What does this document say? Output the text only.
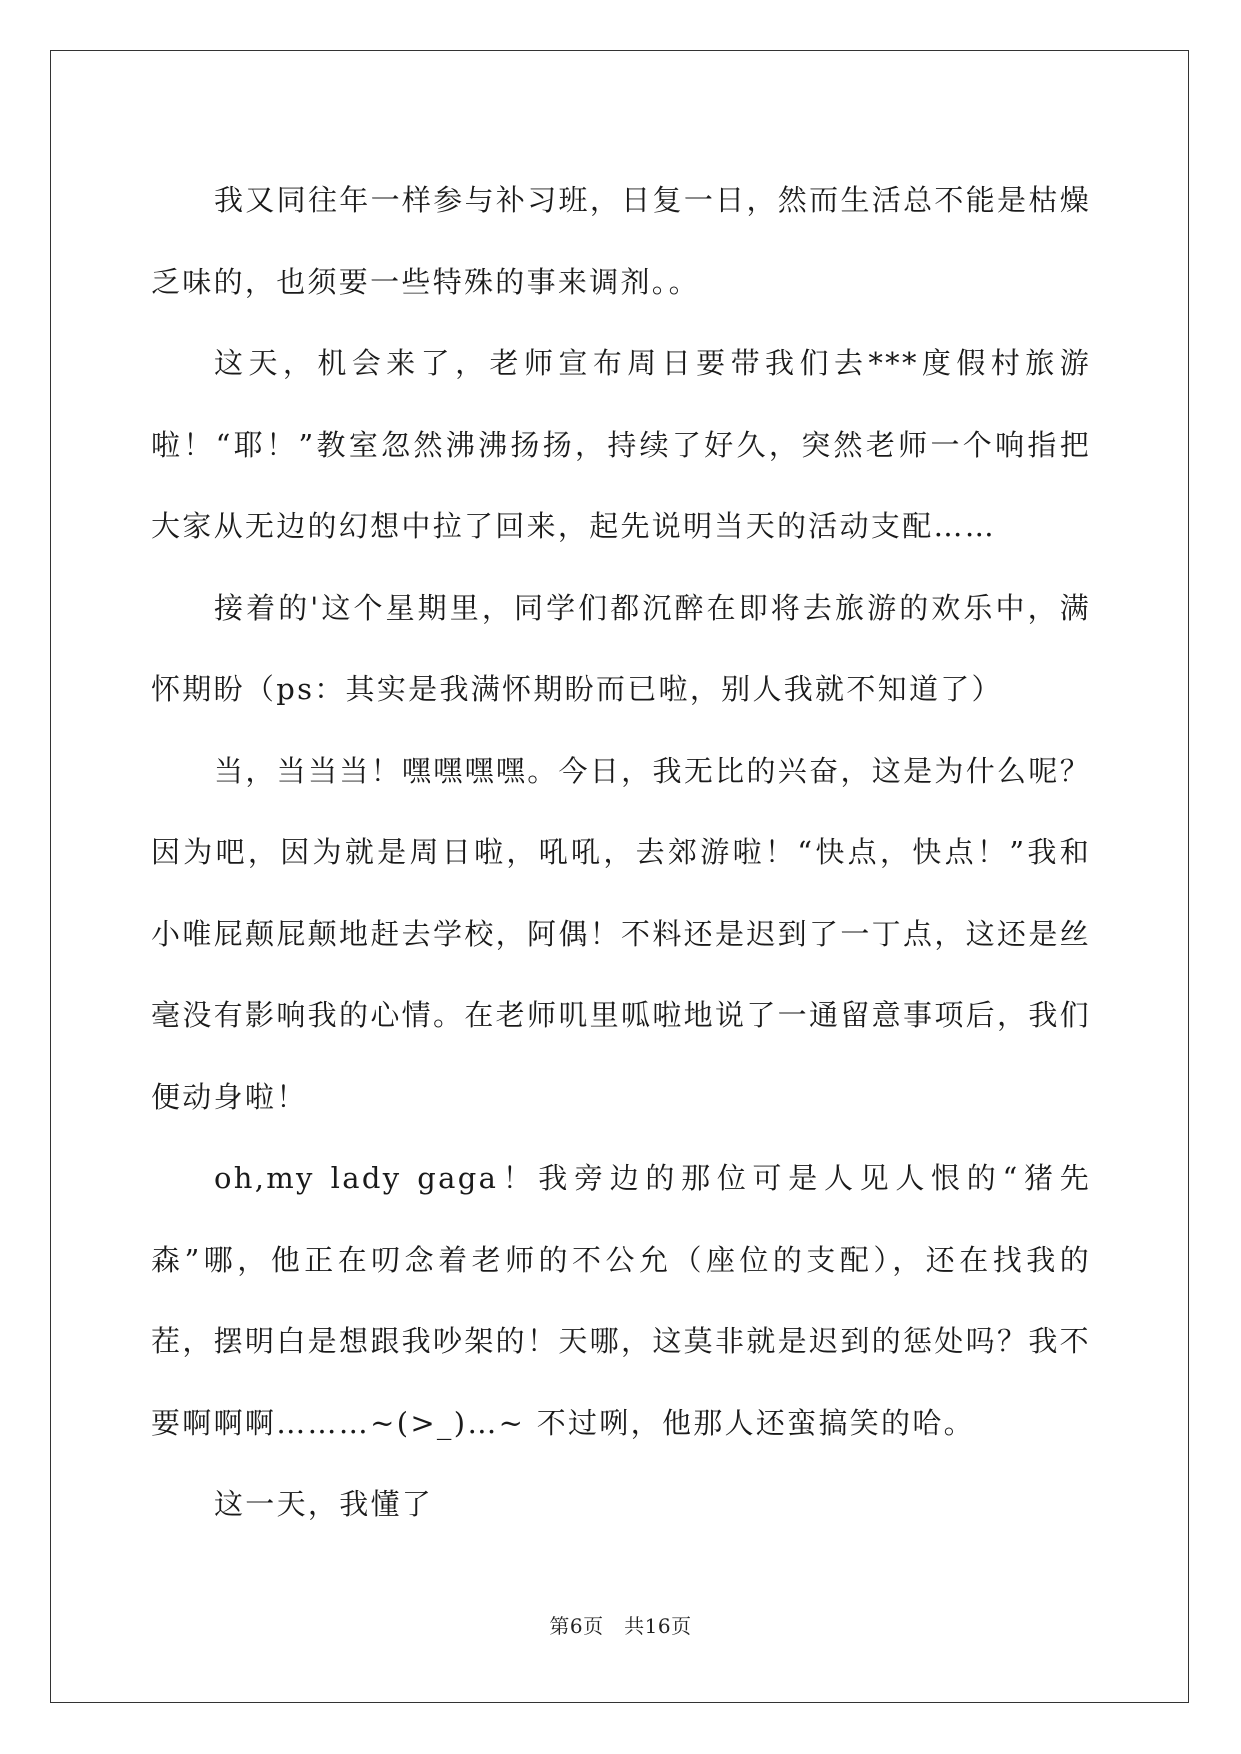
我又同往年一样参与补习班，日复一日，然而生活总不能是枯燥乏味的，也须要一些特殊的事来调剂。。

这天，机会来了，老师宣布周日要带我们去***度假村旅游啦！“耶！”教室忽然沸沸扬扬，持续了好久，突然老师一个响指把大家从无边的幻想中拉了回来，起先说明当天的活动支配……

接着的'这个星期里，同学们都沉醉在即将去旅游的欢乐中，满怀期盼（ps：其实是我满怀期盼而已啦，别人我就不知道了）

当，当当当！嘿嘿嘿嘿。今日，我无比的兴奋，这是为什么呢？因为吧，因为就是周日啦，吼吼，去郊游啦！“快点，快点！”我和小唯屁颠屁颠地赶去学校，阿偶！不料还是迟到了一丁点，这还是丝毫没有影响我的心情。在老师叽里呱啦地说了一通留意事项后，我们便动身啦！

oh,my lady gaga！我旁边的那位可是人见人恨的“猪先森”哪，他正在叨念着老师的不公允（座位的支配），还在找我的茬，摆明白是想跟我吵架的！天哪，这莫非就是迟到的惩处吗？我不要啊啊啊………~(>_)…~ 不过咧，他那人还蛮搞笑的哈。

这一天，我懂了

第6页 共16页
